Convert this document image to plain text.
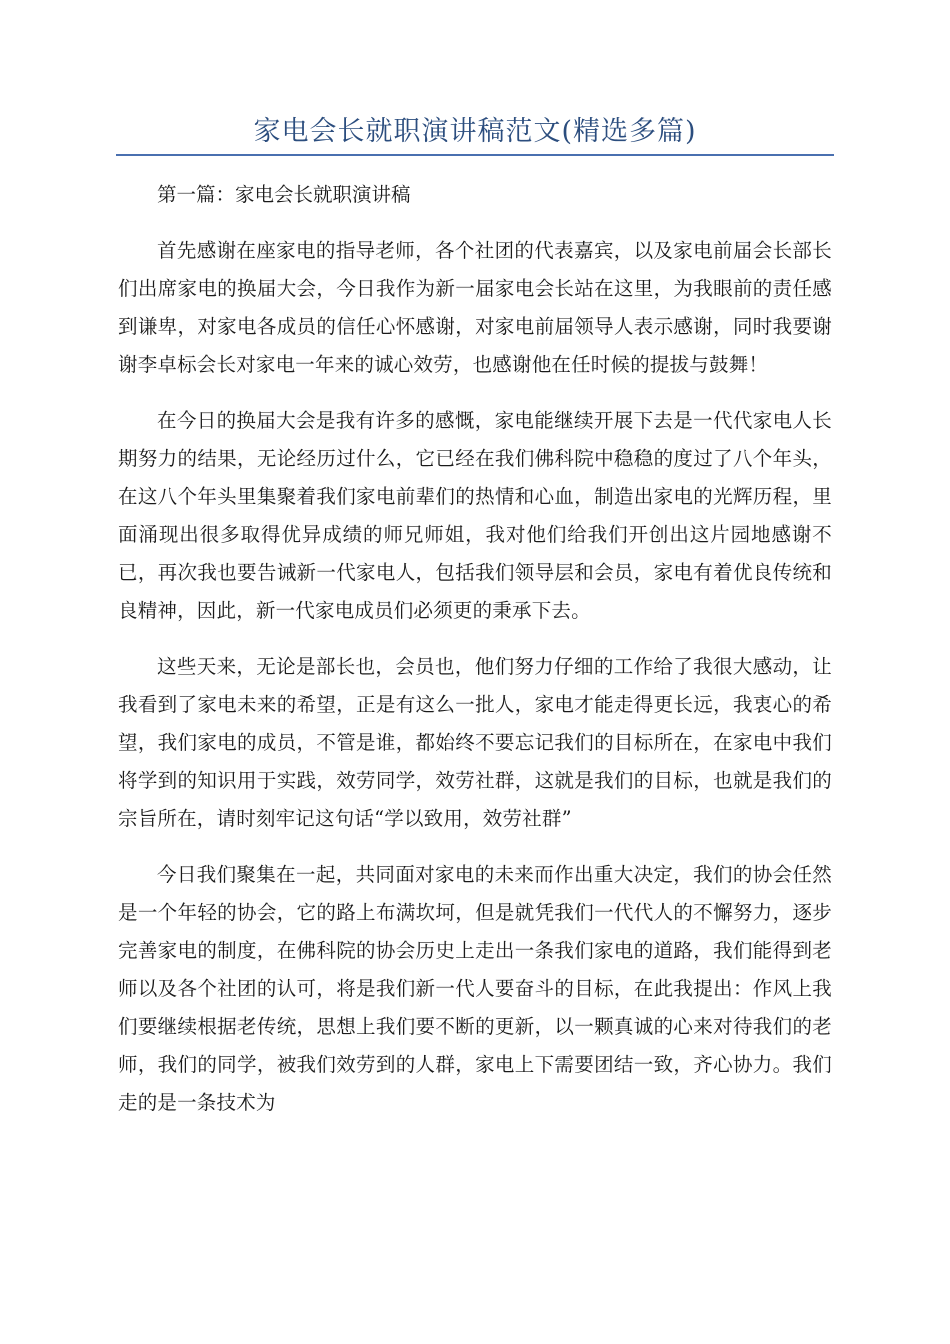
家电会长就职演讲稿范文(精选多篇)

第一篇：家电会长就职演讲稿

首先感谢在座家电的指导老师，各个社团的代表嘉宾，以及家电前届会长部长们出席家电的换届大会，今日我作为新一届家电会长站在这里，为我眼前的责任感到谦卑，对家电各成员的信任心怀感谢，对家电前届领导人表示感谢，同时我要谢谢李卓标会长对家电一年来的诚心效劳，也感谢他在任时候的提拔与鼓舞！

在今日的换届大会是我有许多的感慨，家电能继续开展下去是一代代家电人长期努力的结果，无论经历过什么，它已经在我们佛科院中稳稳的度过了八个年头，在这八个年头里集聚着我们家电前辈们的热情和心血，制造出家电的光辉历程，里面涌现出很多取得优异成绩的师兄师姐，我对他们给我们开创出这片园地感谢不已，再次我也要告诫新一代家电人，包括我们领导层和会员，家电有着优良传统和良精神，因此，新一代家电成员们必须更的秉承下去。

这些天来，无论是部长也，会员也，他们努力仔细的工作给了我很大感动，让我看到了家电未来的希望，正是有这么一批人，家电才能走得更长远，我衷心的希望，我们家电的成员，不管是谁，都始终不要忘记我们的目标所在，在家电中我们将学到的知识用于实践，效劳同学，效劳社群，这就是我们的目标，也就是我们的宗旨所在，请时刻牢记这句话“学以致用，效劳社群”

今日我们聚集在一起，共同面对家电的未来而作出重大决定，我们的协会任然是一个年轻的协会，它的路上布满坎坷，但是就凭我们一代代人的不懈努力，逐步完善家电的制度，在佛科院的协会历史上走出一条我们家电的道路，我们能得到老师以及各个社团的认可，将是我们新一代人要奋斗的目标，在此我提出：作风上我们要继续根据老传统，思想上我们要不断的更新，以一颗真诚的心来对待我们的老师，我们的同学，被我们效劳到的人群，家电上下需要团结一致，齐心协力。我们走的是一条技术为
